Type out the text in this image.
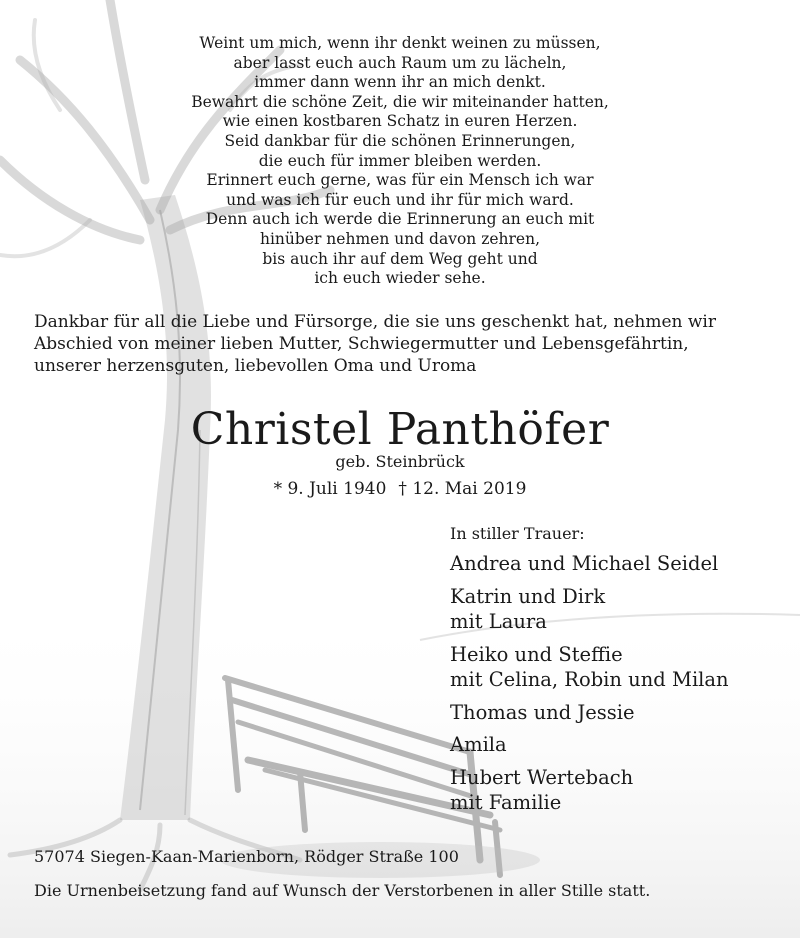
Weint um mich, wenn ihr denkt weinen zu müssen,
aber lasst euch auch Raum um zu lächeln,
immer dann wenn ihr an mich denkt.
Bewahrt die schöne Zeit, die wir miteinander hatten,
wie einen kostbaren Schatz in euren Herzen.
Seid dankbar für die schönen Erinnerungen,
die euch für immer bleiben werden.
Erinnert euch gerne, was für ein Mensch ich war
und was ich für euch und ihr für mich ward.
Denn auch ich werde die Erinnerung an euch mit
hinüber nehmen und davon zehren,
bis auch ihr auf dem Weg geht und
ich euch wieder sehe.
Dankbar für all die Liebe und Fürsorge, die sie uns geschenkt hat, nehmen wir
Abschied von meiner lieben Mutter, Schwiegermutter und Lebensgefährtin,
unserer herzensguten, liebevollen Oma und Uroma
Christel Panthöfer
geb. Steinbrück
* 9. Juli 1940 † 12. Mai 2019
In stiller Trauer:
Andrea und Michael Seidel
Katrin und Dirk
mit Laura
Heiko und Steffie
mit Celina, Robin und Milan
Thomas und Jessie
Amila
Hubert Wertebach
mit Familie
57074 Siegen-Kaan-Marienborn, Rödger Straße 100
Die Urnenbeisetzung fand auf Wunsch der Verstorbenen in aller Stille statt.
